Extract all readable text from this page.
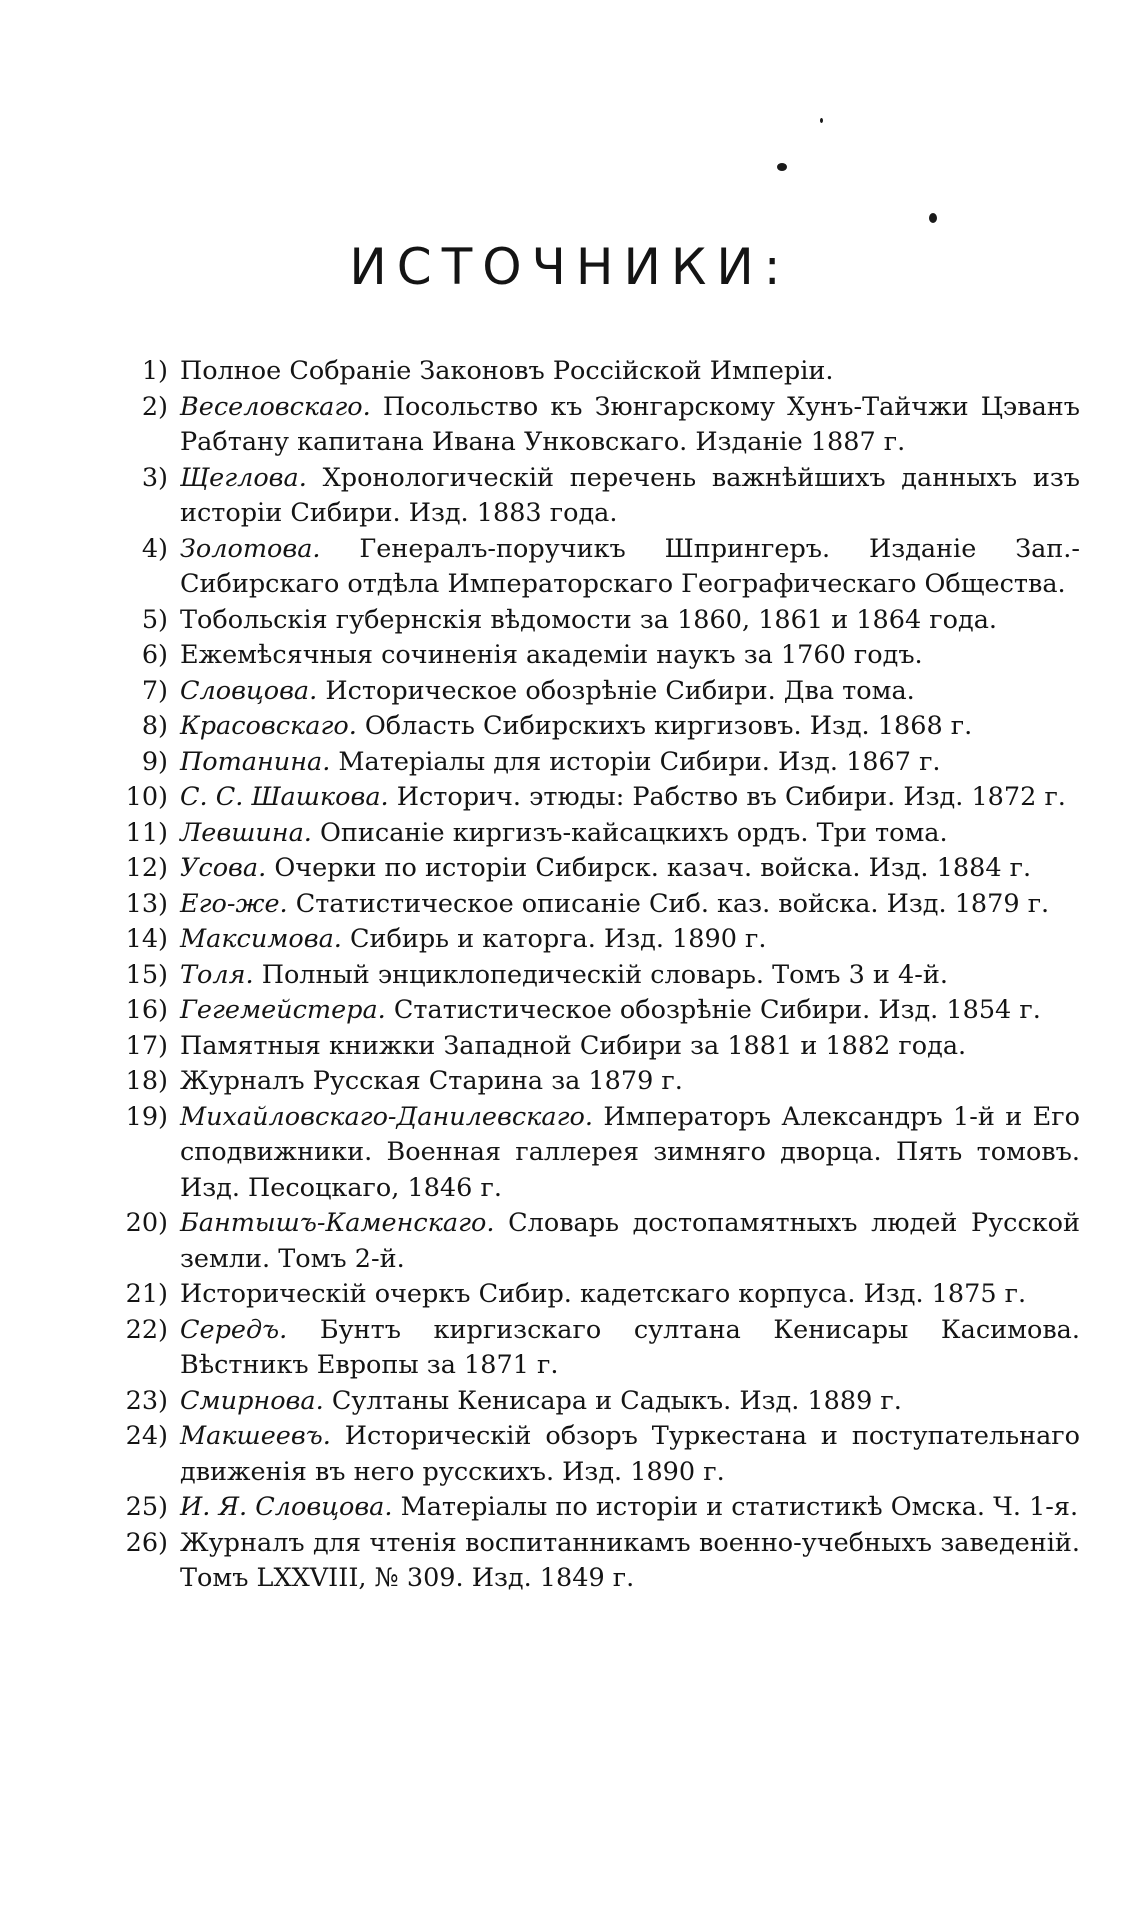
ИСТОЧНИКИ:
1) Полное Собраніе Законовъ Россійской Имперіи.
2) Веселовскаго. Посольство къ Зюнгарскому Хунъ-Тайчжи Цэванъ Рабтану капитана Ивана Унковскаго. Изданіе 1887 г.
3) Щеглова. Хронологическій перечень важнѣйшихъ данныхъ изъ исторіи Сибири. Изд. 1883 года.
4) Золотова. Генералъ-поручикъ Шпрингеръ. Изданіе Зап.-Сибирскаго отдѣла Императорскаго Географическаго Общества.
5) Тобольскія губернскія вѣдомости за 1860, 1861 и 1864 года.
6) Ежемѣсячныя сочиненія академіи наукъ за 1760 годъ.
7) Словцова. Историческое обозрѣніе Сибири. Два тома.
8) Красовскаго. Область Сибирскихъ киргизовъ. Изд. 1868 г.
9) Потанина. Матеріалы для исторіи Сибири. Изд. 1867 г.
10) С. С. Шашкова. Историч. этюды: Рабство въ Сибири. Изд. 1872 г.
11) Левшина. Описаніе киргизъ-кайсацкихъ ордъ. Три тома.
12) Усова. Очерки по исторіи Сибирск. казач. войска. Изд. 1884 г.
13) Его-же. Статистическое описаніе Сиб. каз. войска. Изд. 1879 г.
14) Максимова. Сибирь и каторга. Изд. 1890 г.
15) Толя. Полный энциклопедическій словарь. Томъ 3 и 4-й.
16) Гегемейстера. Статистическое обозрѣніе Сибири. Изд. 1854 г.
17) Памятныя книжки Западной Сибири за 1881 и 1882 года.
18) Журналъ Русская Старина за 1879 г.
19) Михайловскаго-Данилевскаго. Императоръ Александръ 1-й и Его сподвижники. Военная галлерея зимняго дворца. Пять томовъ. Изд. Песоцкаго, 1846 г.
20) Бантышъ-Каменскаго. Словарь достопамятныхъ людей Русской земли. Томъ 2-й.
21) Историческій очеркъ Сибир. кадетскаго корпуса. Изд. 1875 г.
22) Середъ. Бунтъ киргизскаго султана Кенисары Касимова. Вѣстникъ Европы за 1871 г.
23) Смирнова. Султаны Кенисара и Садыкъ. Изд. 1889 г.
24) Макшеевъ. Историческій обзоръ Туркестана и поступательнаго движенія въ него русскихъ. Изд. 1890 г.
25) И. Я. Словцова. Матеріалы по исторіи и статистикѣ Омска. Ч. 1-я.
26) Журналъ для чтенія воспитанникамъ военно-учебныхъ заведеній. Томъ LXXVIII, № 309. Изд. 1849 г.
